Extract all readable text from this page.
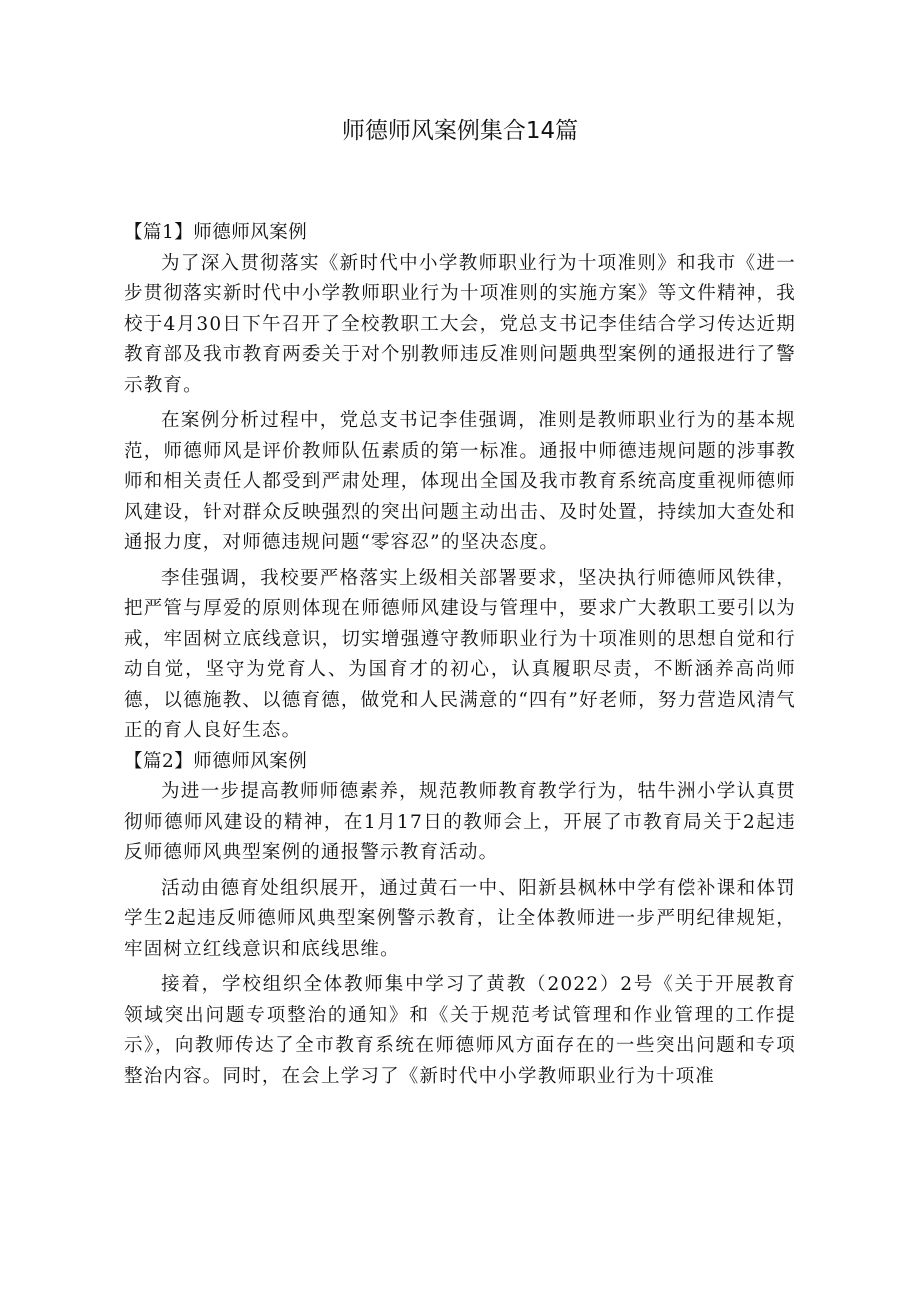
师德师风案例集合14篇

【篇1】师德师风案例

为了深入贯彻落实《新时代中小学教师职业行为十项准则》和我市《进一步贯彻落实新时代中小学教师职业行为十项准则的实施方案》等文件精神，我校于4月30日下午召开了全校教职工大会，党总支书记李佳结合学习传达近期教育部及我市教育两委关于对个别教师违反准则问题典型案例的通报进行了警示教育。

在案例分析过程中，党总支书记李佳强调，准则是教师职业行为的基本规范，师德师风是评价教师队伍素质的第一标准。通报中师德违规问题的涉事教师和相关责任人都受到严肃处理，体现出全国及我市教育系统高度重视师德师风建设，针对群众反映强烈的突出问题主动出击、及时处置，持续加大查处和通报力度，对师德违规问题“零容忍”的坚决态度。

李佳强调，我校要严格落实上级相关部署要求，坚决执行师德师风铁律，把严管与厚爱的原则体现在师德师风建设与管理中，要求广大教职工要引以为戒，牢固树立底线意识，切实增强遵守教师职业行为十项准则的思想自觉和行动自觉，坚守为党育人、为国育才的初心，认真履职尽责，不断涵养高尚师德，以德施教、以德育德，做党和人民满意的“四有”好老师，努力营造风清气正的育人良好生态。

【篇2】师德师风案例

为进一步提高教师师德素养，规范教师教育教学行为，牯牛洲小学认真贯彻师德师风建设的精神，在1月17日的教师会上，开展了市教育局关于2起违反师德师风典型案例的通报警示教育活动。

活动由德育处组织展开，通过黄石一中、阳新县枫林中学有偿补课和体罚学生2起违反师德师风典型案例警示教育，让全体教师进一步严明纪律规矩，牢固树立红线意识和底线思维。

接着，学校组织全体教师集中学习了黄教（2022）2号《关于开展教育领域突出问题专项整治的通知》和《关于规范考试管理和作业管理的工作提示》，向教师传达了全市教育系统在师德师风方面存在的一些突出问题和专项整治内容。同时，在会上学习了《新时代中小学教师职业行为十项准
